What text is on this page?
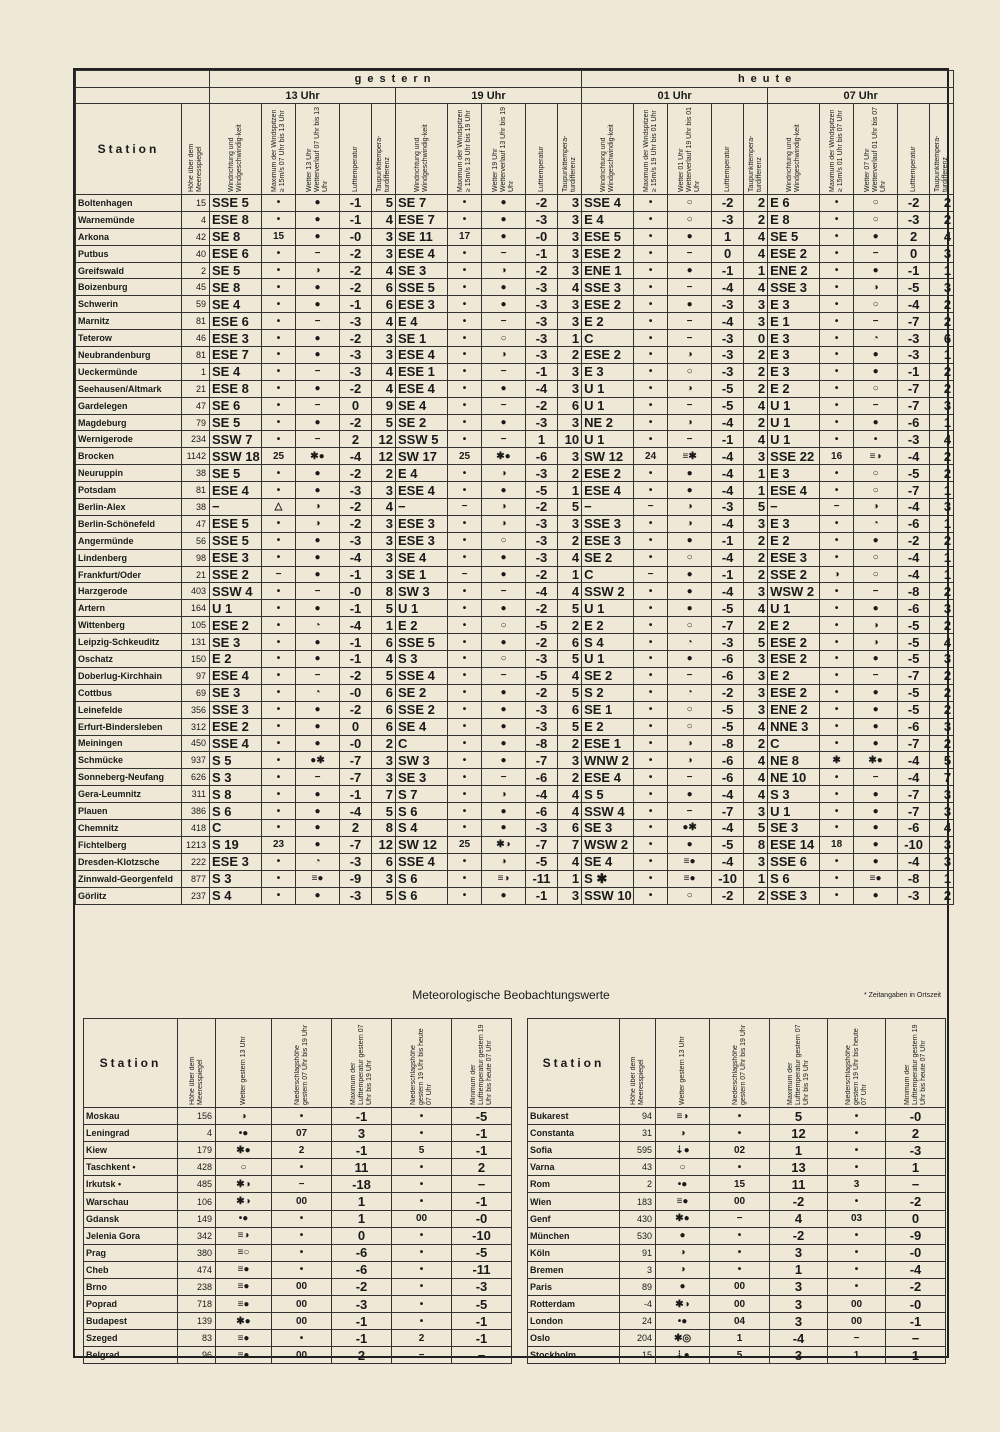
		gestern										heute									
		13 Uhr					19 Uhr					01 Uhr					07 Uhr				
Station	Höhe über dem Meeresspiegel	Windrichtung und Windgeschwindig-keit	Maximum der Windspitzen ≥ 15m/s 07 Uhr bis 13 Uhr	Wetter 13 Uhr Wetterverlauf 07 Uhr bis 13 Uhr	Lufttemperatur	Taupunkttempera-turdifferenz	Windrichtung und Windgeschwindig-keit	Maximum der Windspitzen ≥ 15m/s 13 Uhr bis 19 Uhr	Wetter 19 Uhr Wetterverlauf 13 Uhr bis 19 Uhr	Lufttemperatur	Taupunkttempera-turdifferenz	Windrichtung und Windgeschwindig-keit	Maximum der Windspitzen ≥ 15m/s 19 Uhr bis 01 Uhr	Wetter 01 Uhr Wetterverlauf 19 Uhr bis 01 Uhr	Lufttemperatur	Taupunkttempera-turdifferenz	Windrichtung und Windgeschwindig-keit	Maximum der Windspitzen ≥ 15m/s 01 Uhr bis 07 Uhr	Wetter 07 Uhr Wetterverlauf 01 Uhr bis 07 Uhr	Lufttemperatur	Taupunkttempera-turdifferenz

Boltenhagen	15	SSE 5	•	●	-1	5	SE 7	•	●	-2	3	SSE 4	•	○	-2	2	E 6	•	○	-2	2
Warnemünde	4	ESE 8	•	●	-1	4	ESE 7	•	●	-3	3	E 4	•	○	-3	2	E 8	•	○	-3	2
Arkona	42	SE 8	15	●	-0	3	SE 11	17	●	-0	3	ESE 5	•	●	1	4	SE 5	•	●	2	4
Putbus	40	ESE 6	•	−	-2	3	ESE 4	•	−	-1	3	ESE 2	•	−	0	4	ESE 2	•	−	0	3
Greifswald	2	SE 5	•	◑	-2	4	SE 3	•	◑	-2	3	ENE 1	•	●	-1	1	ENE 2	•	●	-1	1
Boizenburg	45	SE 8	•	●	-2	6	SSE 5	•	●	-3	4	SSE 3	•	−	-4	4	SSE 3	•	◑	-5	3
Schwerin	59	SE 4	•	●	-1	6	ESE 3	•	●	-3	3	ESE 2	•	●	-3	3	E 3	•	○	-4	2
Marnitz	81	ESE 6	•	−	-3	4	E 4	•	−	-3	3	E 2	•	−	-4	3	E 1	•	−	-7	2
Teterow	46	ESE 3	•	●	-2	3	SE 1	•	○	-3	1	C	•	−	-3	0	E 3	•	◔	-3	6
Neubrandenburg	81	ESE 7	•	●	-3	3	ESE 4	•	◑	-3	2	ESE 2	•	◑	-3	2	E 3	•	●	-3	1
Ueckermünde	1	SE 4	•	−	-3	4	ESE 1	•	−	-1	3	E 3	•	○	-3	2	E 3	•	●	-1	2
Seehausen/Altmark	21	ESE 8	•	●	-2	4	ESE 4	•	●	-4	3	U 1	•	◑	-5	2	E 2	•	○	-7	2
Gardelegen	47	SE 6	•	−	0	9	SE 4	•	−	-2	6	U 1	•	−	-5	4	U 1	•	−	-7	3
Magdeburg	79	SE 5	•	●	-2	5	SE 2	•	●	-3	3	NE 2	•	◑	-4	2	U 1	•	●	-6	1
Wernigerode	234	SSW 7	•	−	2	12	SSW 5	•	−	1	10	U 1	•	−	-1	4	U 1	•	•	-3	4
Brocken	1142	SSW 18	25	✱●	-4	12	SW 17	25	✱●	-6	3	SW 12	24	≡✱	-4	3	SSE 22	16	≡◑	-4	2
Neuruppin	38	SE 5	•	●	-2	2	E 4	•	◑	-3	2	ESE 2	•	●	-4	1	E 3	•	○	-5	2
Potsdam	81	ESE 4	•	●	-3	3	ESE 4	•	●	-5	1	ESE 4	•	●	-4	1	ESE 4	•	○	-7	1
Berlin-Alex	38	−	△	◑	-2	4	−	−	◑	-2	5	−	−	◑	-3	5	−	−	◑	-4	3
Berlin-Schönefeld	47	ESE 5	•	◑	-2	3	ESE 3	•	◑	-3	3	SSE 3	•	◑	-4	3	E 3	•	◔	-6	1
Angermünde	56	SSE 5	•	●	-3	3	ESE 3	•	○	-3	2	ESE 3	•	●	-1	2	E 2	•	●	-2	2
Lindenberg	98	ESE 3	•	●	-4	3	SE 4	•	●	-3	4	SE 2	•	○	-4	2	ESE 3	•	○	-4	1
Frankfurt/Oder	21	SSE 2	−	●	-1	3	SE 1	−	●	-2	1	C	−	●	-1	2	SSE 2	◑	○	-4	1
Harzgerode	403	SSW 4	•	−	-0	8	SW 3	•	−	-4	4	SSW 2	•	●	-4	3	WSW 2	•	−	-8	2
Artern	164	U 1	•	●	-1	5	U 1	•	●	-2	5	U 1	•	●	-5	4	U 1	•	●	-6	3
Wittenberg	105	ESE 2	•	◔	-4	1	E 2	•	○	-5	2	E 2	•	○	-7	2	E 2	•	◑	-5	2
Leipzig-Schkeuditz	131	SE 3	•	●	-1	6	SSE 5	•	●	-2	6	S 4	•	◔	-3	5	ESE 2	•	◑	-5	4
Oschatz	150	E 2	•	●	-1	4	S 3	•	○	-3	5	U 1	•	●	-6	3	ESE 2	•	●	-5	3
Doberlug-Kirchhain	97	ESE 4	•	−	-2	5	SSE 4	•	−	-5	4	SE 2	•	−	-6	3	E 2	•	−	-7	2
Cottbus	69	SE 3	•	◔	-0	6	SE 2	•	●	-2	5	S 2	•	◔	-2	3	ESE 2	•	●	-5	2
Leinefelde	356	SSE 3	•	●	-2	6	SSE 2	•	●	-3	6	SE 1	•	○	-5	3	ENE 2	•	●	-5	2
Erfurt-Bindersleben	312	ESE 2	•	●	0	6	SE 4	•	●	-3	5	E 2	•	○	-5	4	NNE 3	•	●	-6	3
Meiningen	450	SSE 4	•	●	-0	2	C	•	●	-8	2	ESE 1	•	◑	-8	2	C	•	●	-7	2
Schmücke	937	S 5	•	●✱	-7	3	SW 3	•	●	-7	3	WNW 2	•	◑	-6	4	NE 8	✱	✱●	-4	5
Sonneberg-Neufang	626	S 3	•	−	-7	3	SE 3	•	−	-6	2	ESE 4	•	−	-6	4	NE 10	•	−	-4	7
Gera-Leumnitz	311	S 8	•	●	-1	7	S 7	•	◑	-4	4	S 5	•	●	-4	4	S 3	•	●	-7	3
Plauen	386	S 6	•	●	-4	5	S 6	•	●	-6	4	SSW 4	•	−	-7	3	U 1	•	●	-7	3
Chemnitz	418	C	•	●	2	8	S 4	•	●	-3	6	SE 3	•	●✱	-4	5	SE 3	•	●	-6	4
Fichtelberg	1213	S 19	23	●	-7	12	SW 12	25	✱◑	-7	7	WSW 2	•	●	-5	8	ESE 14	18	●	-10	3
Dresden-Klotzsche	222	ESE 3	•	◔	-3	6	SSE 4	•	◑	-5	4	SE 4	•	≡●	-4	3	SSE 6	•	●	-4	3
Zinnwald-Georgenfeld	877	S 3	•	≡●	-9	3	S 6	•	≡◑	-11	1	S ✱	•	≡●	-10	1	S 6	•	≡●	-8	1
Görlitz	237	S 4	•	●	-3	5	S 6	•	●	-1	3	SSW 10	•	○	-2	2	SSE 3	•	●	-3	2
Meteorologische Beobachtungswerte	* Zeitangaben in Ortszeit
Station	Höhe über dem Meeresspiegel	Wetter gestern 13 Uhr	Niederschlagshöhe gestern 07 Uhr bis 19 Uhr	Maximum der Lufttemperatur gestern 07 Uhr bis 19 Uhr	Niederschlagshöhe gestern 19 Uhr bis heute 07 Uhr	Minimum der Lufttemperatur gestern 19 Uhr bis heute 07 Uhr

Moskau	156	◑	•	-1	•	-5
Leningrad	4	•●	07	3	•	-1
Kiew	179	✱●	2	-1	5	-1
Taschkent •	428	○	•	11	•	2
Irkutsk •	485	✱◑	−	-18	•	−
Warschau	106	✱◑	00	1	•	-1
Gdansk	149	•●	•	1	00	-0
Jelenia Gora	342	≡◑	•	0	•	-10
Prag	380	≡○	•	-6	•	-5
Cheb	474	≡●	•	-6	•	-11
Brno	238	≡●	00	-2	•	-3
Poprad	718	≡●	00	-3	•	-5
Budapest	139	✱●	00	-1	•	-1
Szeged	83	≡●	•	-1	2	-1
Belgrad	96	≡●	00	2	−	−
Station	Höhe über dem Meeresspiegel	Wetter gestern 13 Uhr	Niederschlagshöhe gestern 07 Uhr bis 19 Uhr	Maximum der Lufttemperatur gestern 07 Uhr bis 19 Uhr	Niederschlagshöhe gestern 19 Uhr bis heute 07 Uhr	Minimum der Lufttemperatur gestern 19 Uhr bis heute 07 Uhr

Bukarest	94	≡◑	•	5	•	-0
Constanta	31	◑	•	12	•	2
Sofia	595	⇣●	02	1	•	-3
Varna	43	○	•	13	•	1
Rom	2	•●	15	11	3	−
Wien	183	≡●	00	-2	•	-2
Genf	430	✱●	−	4	03	0
München	530	●	•	-2	•	-9
Köln	91	◑	•	3	•	-0
Bremen	3	◑	•	1	•	-4
Paris	89	●	00	3	•	-2
Rotterdam	-4	✱◑	00	3	00	-0
London	24	•●	04	3	00	-1
Oslo	204	✱◎	1	-4	−	−
Stockholm	15	⇣●	5	3	1	1
